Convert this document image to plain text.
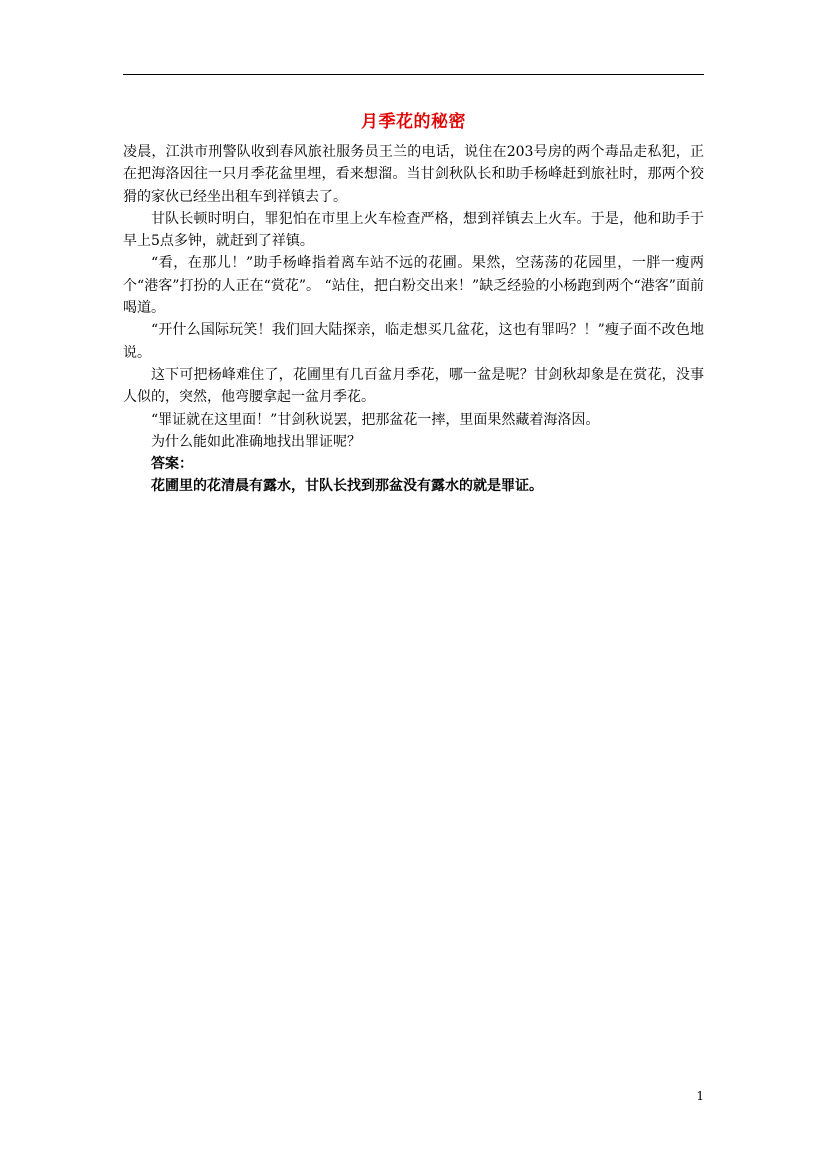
月季花的秘密

凌晨，江洪市刑警队收到春风旅社服务员王兰的电话，说住在203号房的两个毒品走私犯，正在把海洛因往一只月季花盆里埋，看来想溜。当甘剑秋队长和助手杨峰赶到旅社时，那两个狡猾的家伙已经坐出租车到祥镇去了。

甘队长顿时明白，罪犯怕在市里上火车检查严格，想到祥镇去上火车。于是，他和助手于早上5点多钟，就赶到了祥镇。

“看，在那儿！”助手杨峰指着离车站不远的花圃。果然，空荡荡的花园里，一胖一瘦两个“港客”打扮的人正在“赏花”。 “站住，把白粉交出来！”缺乏经验的小杨跑到两个“港客”面前喝道。

“开什么国际玩笑！我们回大陆探亲，临走想买几盆花，这也有罪吗？！”瘦子面不改色地说。

这下可把杨峰难住了，花圃里有几百盆月季花，哪一盆是呢？甘剑秋却象是在赏花，没事人似的，突然，他弯腰拿起一盆月季花。

“罪证就在这里面！”甘剑秋说罢，把那盆花一摔，里面果然藏着海洛因。

为什么能如此准确地找出罪证呢？

答案：

花圃里的花清晨有露水，甘队长找到那盆没有露水的就是罪证。

1
